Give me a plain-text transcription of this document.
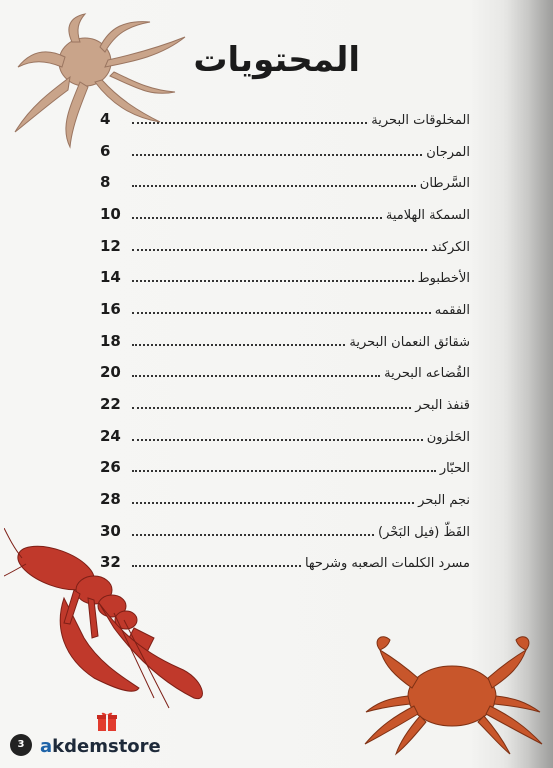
المحتويات
المخلوقات البحرية
4
المرجان
6
السَّرطان
8
السمكة الهلامية
10
الكركند
12
الأخطبوط
14
الفقمه
16
شقائق النعمان البحرية
18
القُضاعه البحرية
20
قنفذ البحر
22
الحَلزون
24
الحبّار
26
نجم البحر
28
الفَظّ (فيل البَحْر)
30
مسرد الكلمات الصعبه وشرحها
32
3 akdemstore
